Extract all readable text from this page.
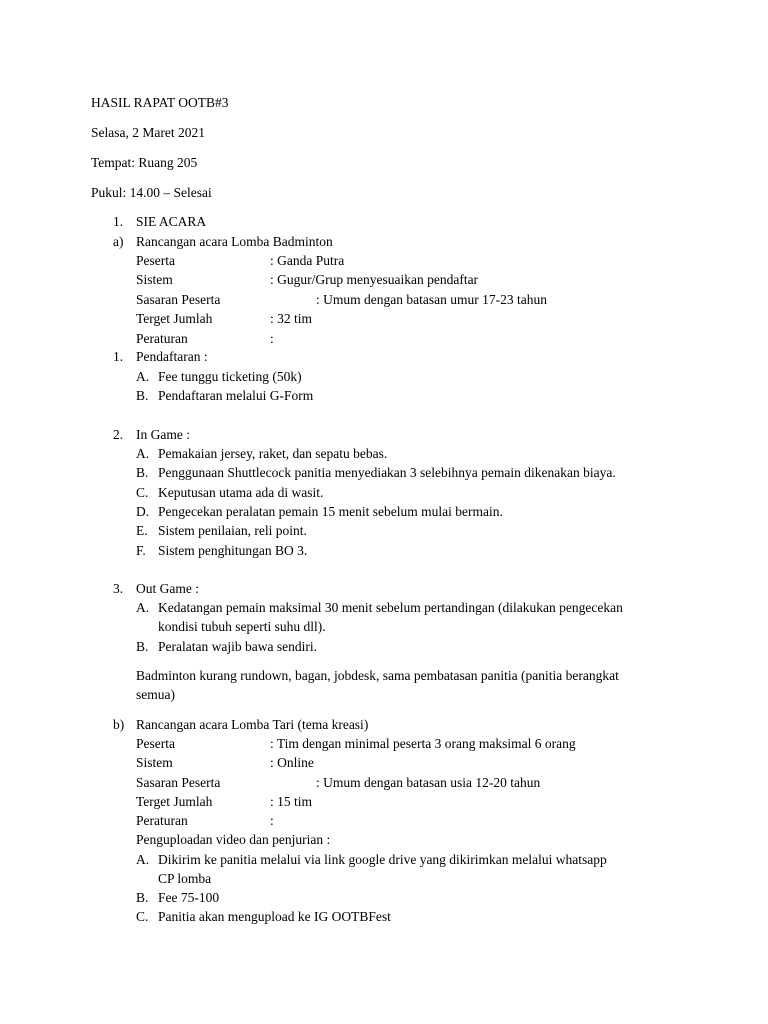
HASIL RAPAT OOTB#3
Selasa, 2 Maret 2021
Tempat: Ruang 205
Pukul: 14.00 – Selesai
1. SIE ACARA
a) Rancangan acara Lomba Badminton
Peserta	: Ganda Putra
Sistem	: Gugur/Grup menyesuaikan pendaftar
Sasaran Peserta	: Umum dengan batasan umur 17-23 tahun
Terget Jumlah	: 32 tim
Peraturan	:
1. Pendaftaran :
A. Fee tunggu ticketing (50k)
B. Pendaftaran melalui G-Form
2. In Game :
A. Pemakaian jersey, raket, dan sepatu bebas.
B. Penggunaan Shuttlecock panitia menyediakan 3 selebihnya pemain dikenakan biaya.
C. Keputusan utama ada di wasit.
D. Pengecekan peralatan pemain 15 menit sebelum mulai bermain.
E. Sistem penilaian, reli point.
F. Sistem penghitungan BO 3.
3. Out Game :
A. Kedatangan pemain maksimal 30 menit sebelum pertandingan (dilakukan pengecekan
kondisi tubuh seperti suhu dll).
B. Peralatan wajib bawa sendiri.
Badminton kurang rundown, bagan, jobdesk, sama pembatasan panitia (panitia berangkat
semua)
b) Rancangan acara Lomba Tari (tema kreasi)
Peserta	: Tim dengan minimal peserta 3 orang maksimal 6 orang
Sistem	: Online
Sasaran Peserta	: Umum dengan batasan usia 12-20 tahun
Terget Jumlah	: 15 tim
Peraturan	:
Penguploadan video dan penjurian :
A. Dikirim ke panitia melalui via link google drive yang dikirimkan melalui whatsapp
CP lomba
B. Fee 75-100
C. Panitia akan mengupload ke IG OOTBFest
